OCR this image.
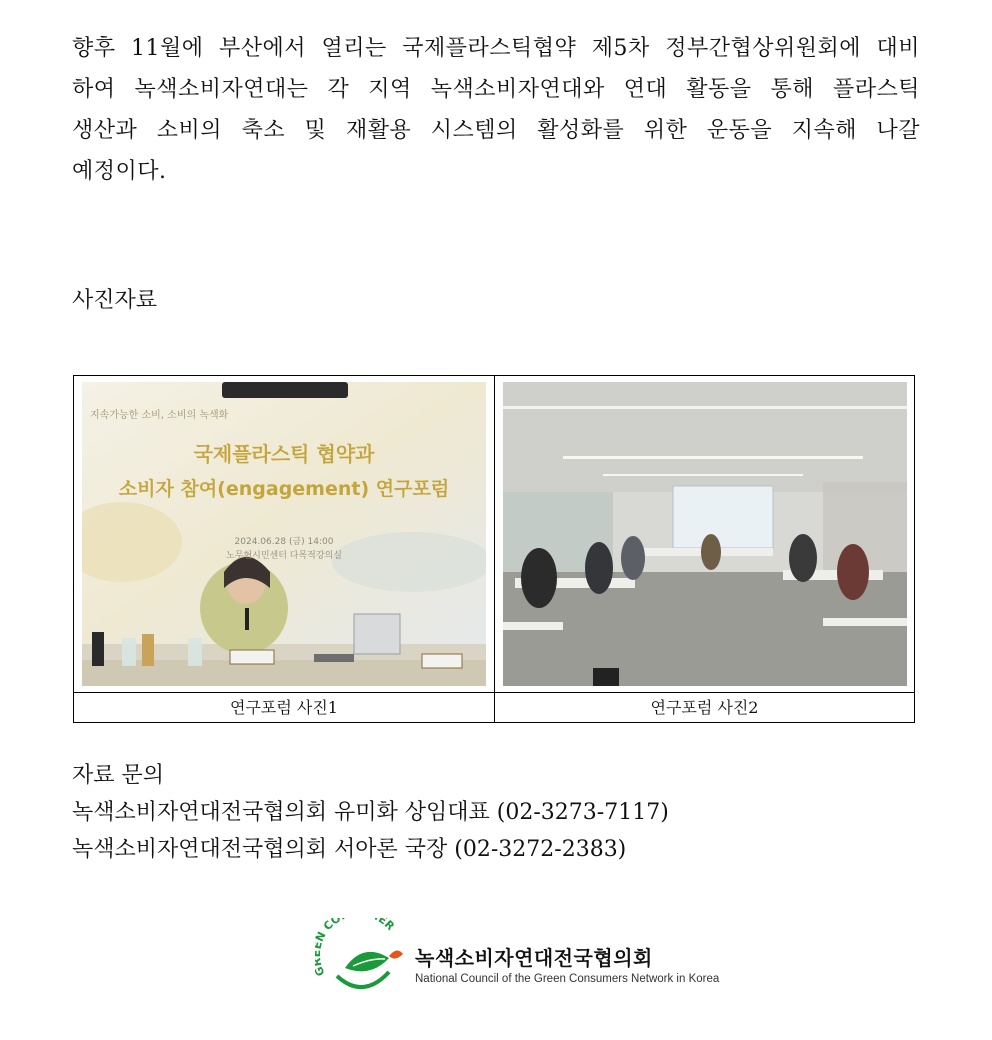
향후 11월에 부산에서 열리는 국제플라스틱협약 제5차 정부간협상위원회에 대비
하여 녹색소비자연대는 각 지역 녹색소비자연대와 연대 활동을 통해 플라스틱
생산과 소비의 축소 및 재활용 시스템의 활성화를 위한 운동을 지속해 나갈
예정이다.
사진자료
지속가능한 소비, 소비의 녹색화
국제플라스틱 협약과
소비자 참여(engagement) 연구포럼
2024.06.28 (금) 14:00
노무현시민센터 다목적강의실
연구포럼 사진1	연구포럼 사진2
자료 문의
녹색소비자연대전국협의회 유미화 상임대표 (02-3273-7117)
녹색소비자연대전국협의회 서아론 국장 (02-3272-2383)
CO ER
녹색소비자연대전국협의회
National Council of the Green Consumers Network in Korea
